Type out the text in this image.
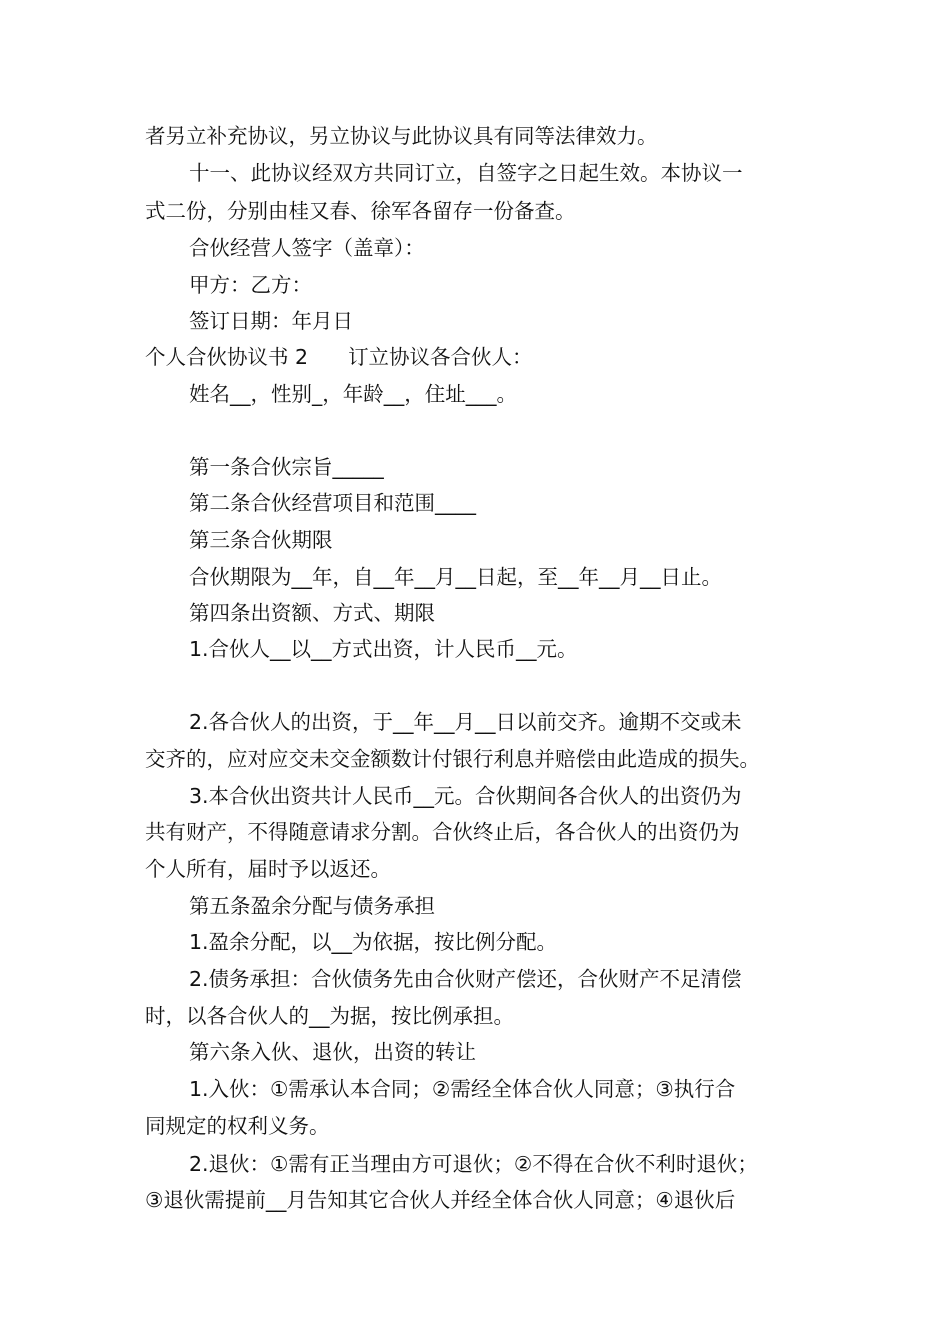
者另立补充协议，另立协议与此协议具有同等法律效力。
十一、此协议经双方共同订立，自签字之日起生效。本协议一
式二份，分别由桂又春、徐军各留存一份备查。
合伙经营人签字（盖章）：
甲方：乙方：
签订日期：年月日
个人合伙协议书 2 订立协议各合伙人：
姓名__，性别_，年龄__，住址___。
第一条合伙宗旨_____
第二条合伙经营项目和范围____
第三条合伙期限
合伙期限为__年，自__年__月__日起，至__年__月__日止。
第四条出资额、方式、期限
1.合伙人__以__方式出资，计人民币__元。
2.各合伙人的出资，于__年__月__日以前交齐。逾期不交或未
交齐的，应对应交未交金额数计付银行利息并赔偿由此造成的损失。
3.本合伙出资共计人民币__元。合伙期间各合伙人的出资仍为
共有财产，不得随意请求分割。合伙终止后，各合伙人的出资仍为
个人所有，届时予以返还。
第五条盈余分配与债务承担
1.盈余分配，以__为依据，按比例分配。
2.债务承担：合伙债务先由合伙财产偿还，合伙财产不足清偿
时，以各合伙人的__为据，按比例承担。
第六条入伙、退伙，出资的转让
1.入伙：①需承认本合同；②需经全体合伙人同意；③执行合
同规定的权利义务。
2.退伙：①需有正当理由方可退伙；②不得在合伙不利时退伙；
③退伙需提前__月告知其它合伙人并经全体合伙人同意；④退伙后
